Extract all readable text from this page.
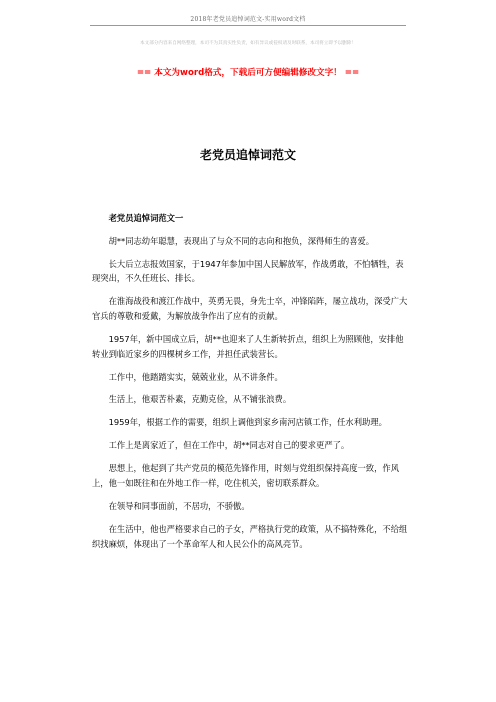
2018年老党员追悼词范文-实用word文档
本文部分内容来自网络整理，本司不为其真实性负责，如有异议或侵权请及时联系，本司将立即予以删除！
== 本文为word格式，下载后可方便编辑修改文字！ ==
老党员追悼词范文

老党员追悼词范文一

胡**同志幼年聪慧，表现出了与众不同的志向和抱负，深得师生的喜爱。

长大后立志报效国家，于1947年参加中国人民解放军，作战勇敢，不怕牺牲，表现突出，不久任班长、排长。

在淮海战役和渡江作战中，英勇无畏，身先士卒，冲锋陷阵，屡立战功，深受广大官兵的尊敬和爱戴，为解放战争作出了应有的贡献。

1957年，新中国成立后，胡**也迎来了人生新转折点，组织上为照顾他，安排他转业到临近家乡的四棵树乡工作，并担任武装营长。

工作中，他踏踏实实，兢兢业业，从不讲条件。

生活上，他艰苦朴素，克勤克俭，从不铺张浪费。

1959年，根据工作的需要，组织上调他到家乡南河店镇工作，任水利助理。

工作上是离家近了，但在工作中，胡**同志对自己的要求更严了。

思想上，他起到了共产党员的模范先锋作用，时刻与党组织保持高度一致，作风上，他一如既往和在外地工作一样，吃住机关，密切联系群众。

在领导和同事面前，不居功，不骄傲。

在生活中，他也严格要求自己的子女，严格执行党的政策，从不搞特殊化，不给组织找麻烦，体现出了一个革命军人和人民公仆的高风亮节。
